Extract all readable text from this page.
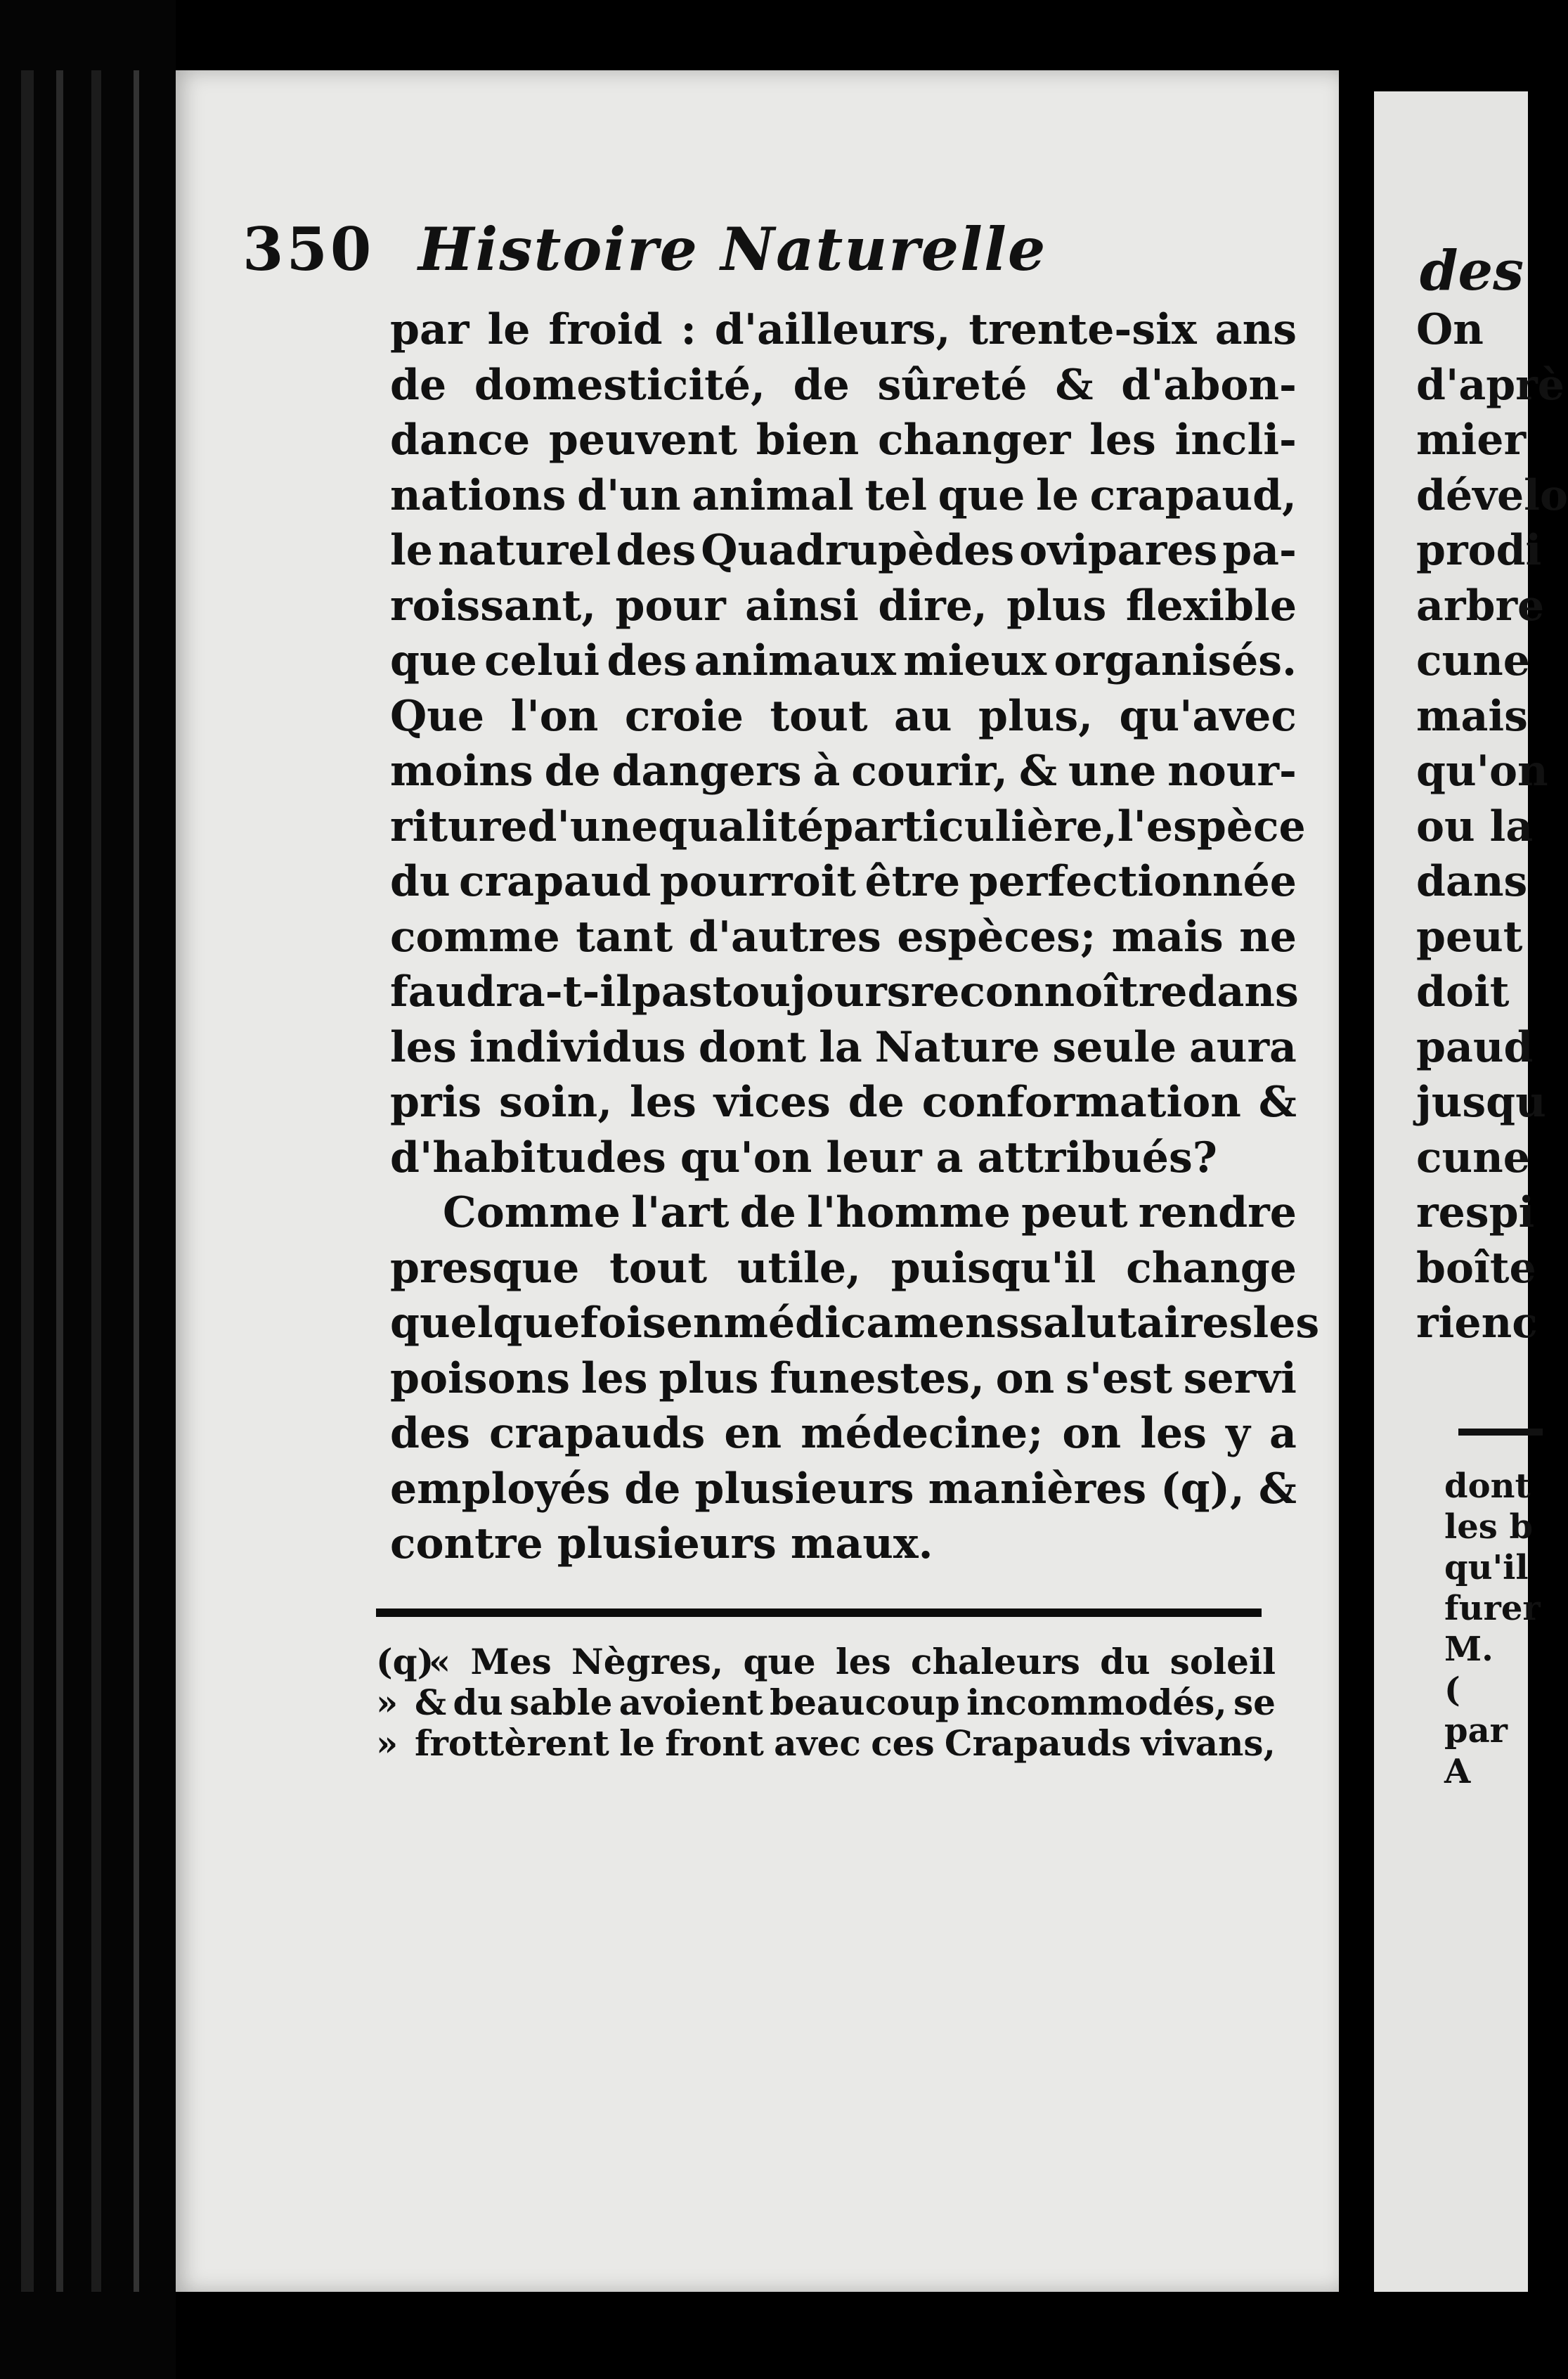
350 Histoire Naturelle
par le froid : d'ailleurs, trente-six ans
de domesticité, de sûreté & d'abon-
dance peuvent bien changer les incli-
nations d'un animal tel que le crapaud,
le naturel des Quadrupèdes ovipares pa-
roissant, pour ainsi dire, plus flexible
que celui des animaux mieux organisés.
Que l'on croie tout au plus, qu'avec
moins de dangers à courir, & une nour-
riture d'une qualité particulière, l'espèce
du crapaud pourroit être perfectionnée
comme tant d'autres espèces; mais ne
faudra-t-il pas toujours reconnoître dans
les individus dont la Nature seule aura
pris soin, les vices de conformation &
d'habitudes qu'on leur a attribués?
Comme l'art de l'homme peut rendre
presque tout utile, puisqu'il change
quelquefois en médicamens salutaires les
poisons les plus funestes, on s'est servi
des crapauds en médecine; on les y a
employés de plusieurs manières (q), &
contre plusieurs maux.
(q)
« Mes Nègres, que les chaleurs du soleil
» & du sable avoient beaucoup incommodés, se
» frottèrent le front avec ces Crapauds vivans,
des
On
d'aprè
mier
dévelo
prodi
arbre
cune
mais
qu'on
ou la
dans
peut
doit
paud
jusqu
cune
respi
boîte
rienc
dont
les b
qu'il
furer
M.
(
par
A
